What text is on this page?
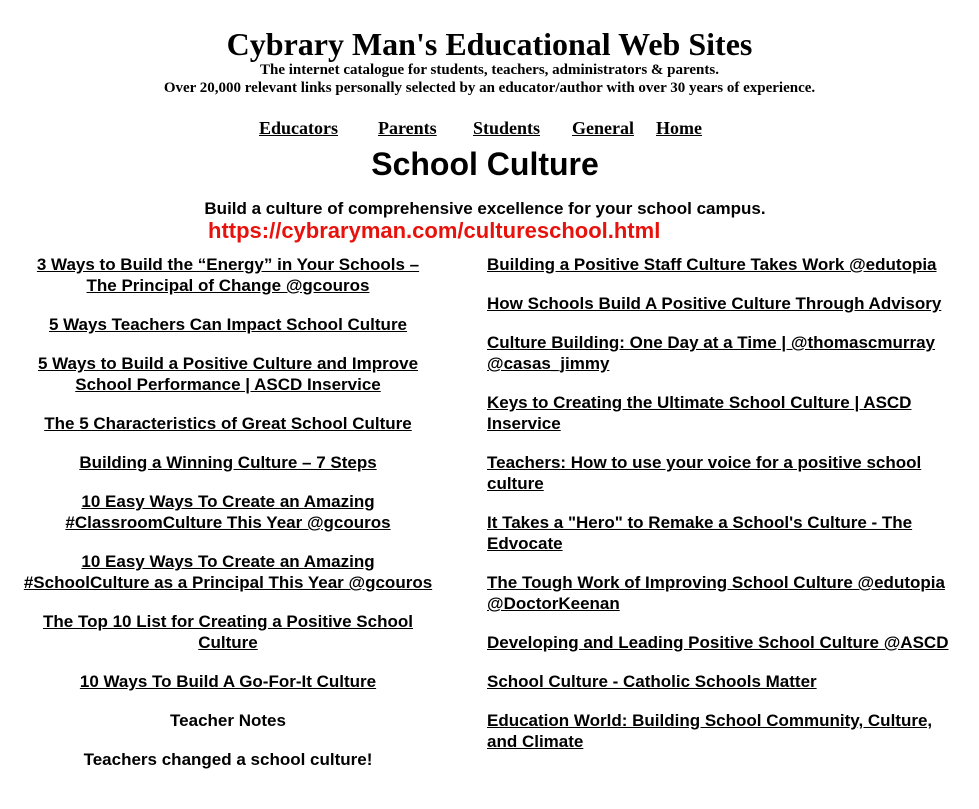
Cybrary Man's Educational Web Sites
The internet catalogue for students, teachers, administrators & parents.
Over 20,000 relevant links personally selected by an educator/author with over 30 years of experience.
Educators Parents Students General Home
School Culture
Build a culture of comprehensive excellence for your school campus.
https://cybraryman.com/cultureschool.html
3 Ways to Build the “Energy” in Your Schools – The Principal of Change @gcouros
5 Ways Teachers Can Impact School Culture
5 Ways to Build a Positive Culture and Improve School Performance | ASCD Inservice
The 5 Characteristics of Great School Culture
Building a Winning Culture – 7 Steps
10 Easy Ways To Create an Amazing #ClassroomCulture This Year @gcouros
10 Easy Ways To Create an Amazing #SchoolCulture as a Principal This Year @gcouros
The Top 10 List for Creating a Positive School Culture
10 Ways To Build A Go-For-It Culture
Teacher Notes
Teachers changed a school culture!
Building a Positive Staff Culture Takes Work @edutopia
How Schools Build A Positive Culture Through Advisory
Culture Building: One Day at a Time | @thomascmurray @casas_jimmy
Keys to Creating the Ultimate School Culture | ASCD Inservice
Teachers: How to use your voice for a positive school culture
It Takes a "Hero" to Remake a School's Culture - The Edvocate
The Tough Work of Improving School Culture @edutopia @DoctorKeenan
Developing and Leading Positive School Culture @ASCD
School Culture - Catholic Schools Matter
Education World: Building School Community, Culture, and Climate
